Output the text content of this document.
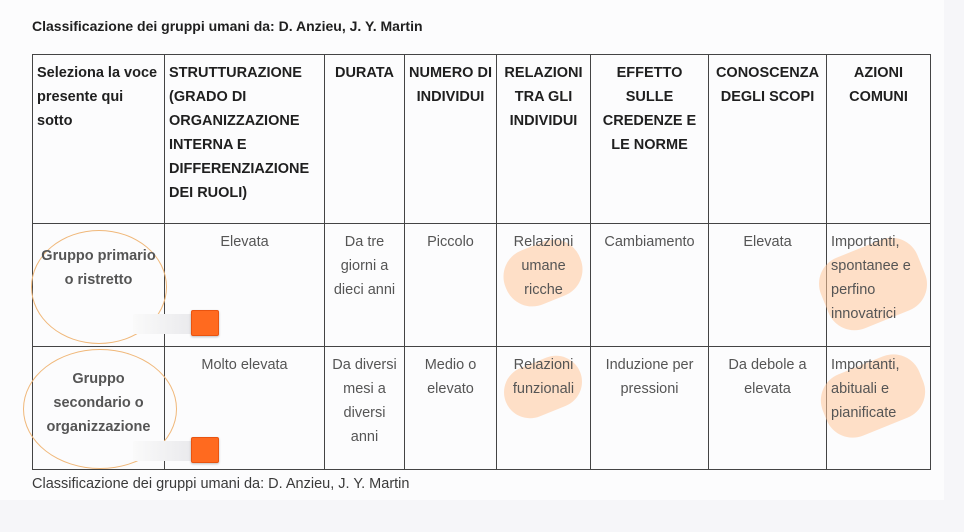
Classificazione dei gruppi umani da: D. Anzieu, J. Y. Martin
Seleziona la voce presente qui sotto	STRUTTURAZIONE (GRADO DI ORGANIZZAZIONE INTERNA E DIFFERENZIAZIONE DEI RUOLI)	DURATA	NUMERO DI INDIVIDUI	RELAZIONI TRA GLI INDIVIDUI	EFFETTO SULLE CREDENZE E LE NORME	CONOSCENZA DEGLI SCOPI	AZIONI COMUNI

Gruppo primario o ristretto	Elevata	Da tre giorni a dieci anni	Piccolo	Relazioni umane ricche	Cambiamento	Elevata	Importanti, spontanee e perfino innovatrici

Gruppo secondario o organizzazione	Molto elevata	Da diversi mesi a diversi anni	Medio o elevato	Relazioni funzionali	Induzione per pressioni	Da debole a elevata	Importanti, abituali e pianificate
Classificazione dei gruppi umani da: D. Anzieu, J. Y. Martin
